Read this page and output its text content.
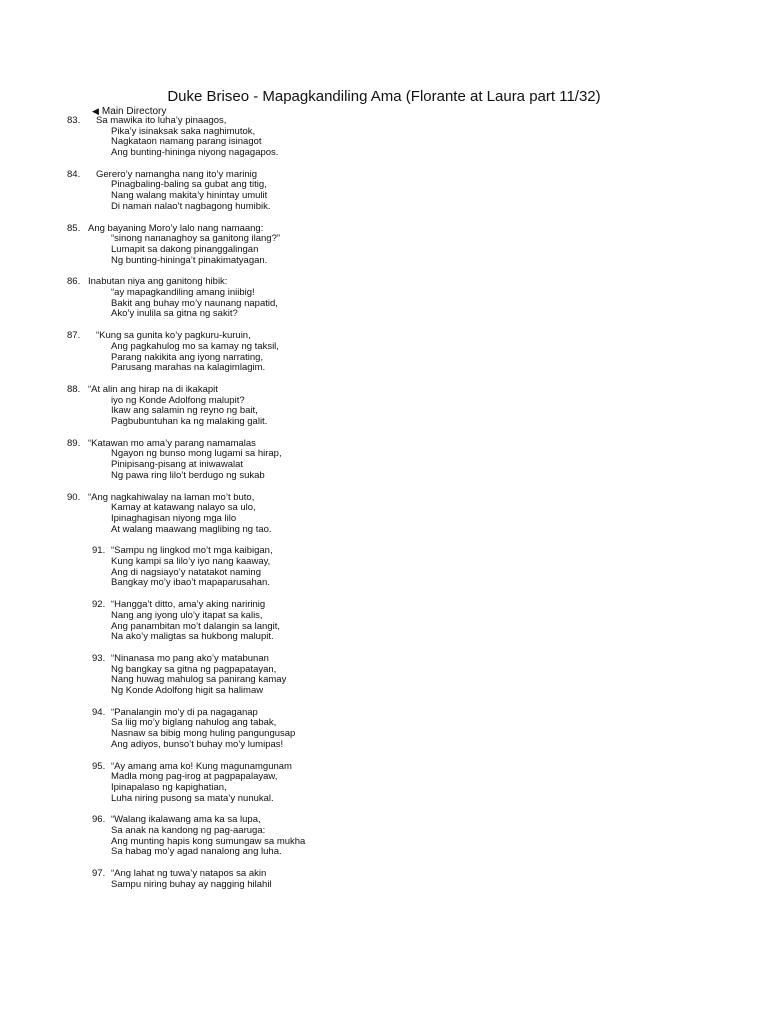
Duke Briseo - Mapagkandiling Ama (Florante at Laura part 11/32)
◀ Main Directory
83. Sa mawika ito luha’y pinaagos,
Pika’y isinaksak saka naghimutok,
Nagkataon namang parang isinagot
Ang bunting-hininga niyong nagagapos.
84. Gerero’y namangha nang ito’y marinig
Pinagbaling-baling sa gubat ang titig,
Nang walang makita’y hinintay umulit
Di naman nalao’t nagbagong humibik.
85. Ang bayaning Moro’y lalo nang namaang:
“sinong nananaghoy sa ganitong ilang?”
Lumapit sa dakong pinanggalingan
Ng bunting-hininga’t pinakimatyagan.
86. Inabutan niya ang ganitong hibik:
“ay mapagkandiling amang iniibig!
Bakit ang buhay mo’y naunang napatid,
Ako’y inulila sa gitna ng sakit?
87. “Kung sa gunita ko’y pagkuru-kuruin,
Ang pagkahulog mo sa kamay ng taksil,
Parang nakikita ang iyong narrating,
Parusang marahas na kalagimlagim.
88. “At alin ang hirap na di ikakapit
iyo ng Konde Adolfong malupit?
Ikaw ang salamin ng reyno ng bait,
Pagbubuntuhan ka ng malaking galit.
89. “Katawan mo ama’y parang namamalas
Ngayon ng bunso mong lugami sa hirap,
Pinipisang-pisang at iniwawalat
Ng pawa ring lilo’t berdugo ng sukab
90. “Ang nagkahiwalay na laman mo’t buto,
Kamay at katawang nalayo sa ulo,
Ipinaghagisan niyong mga lilo
At walang maawang maglibing ng tao.
91. “Sampu ng lingkod mo’t mga kaibigan,
Kung kampi sa lilo’y iyo nang kaaway,
Ang di nagsiayo’y natatakot naming
Bangkay mo’y ibao’t mapaparusahan.
92. “Hangga’t ditto, ama’y aking naririnig
Nang ang iyong ulo’y itapat sa kalis,
Ang panambitan mo’t dalangin sa langit,
Na ako’y maligtas sa hukbong malupit.
93. “Ninanasa mo pang ako’y matabunan
Ng bangkay sa gitna ng pagpapatayan,
Nang huwag mahulog sa panirang kamay
Ng Konde Adolfong higit sa halimaw
94. “Panalangin mo’y di pa nagaganap
Sa liig mo’y biglang nahulog ang tabak,
Nasnaw sa bibig mong huling pangungusap
Ang adiyos, bunso’t buhay mo’y lumipas!
95. “Ay amang ama ko! Kung magunamgunam
Madla mong pag-irog at pagpapalayaw,
Ipinapalaso ng kapighatian,
Luha niring pusong sa mata’y nunukal.
96. “Walang ikalawang ama ka sa lupa,
Sa anak na kandong ng pag-aaruga:
Ang munting hapis kong sumungaw sa mukha
Sa habag mo’y agad nanalong ang luha.
97. “Ang lahat ng tuwa’y natapos sa akin
Sampu niring buhay ay nagging hilahil
